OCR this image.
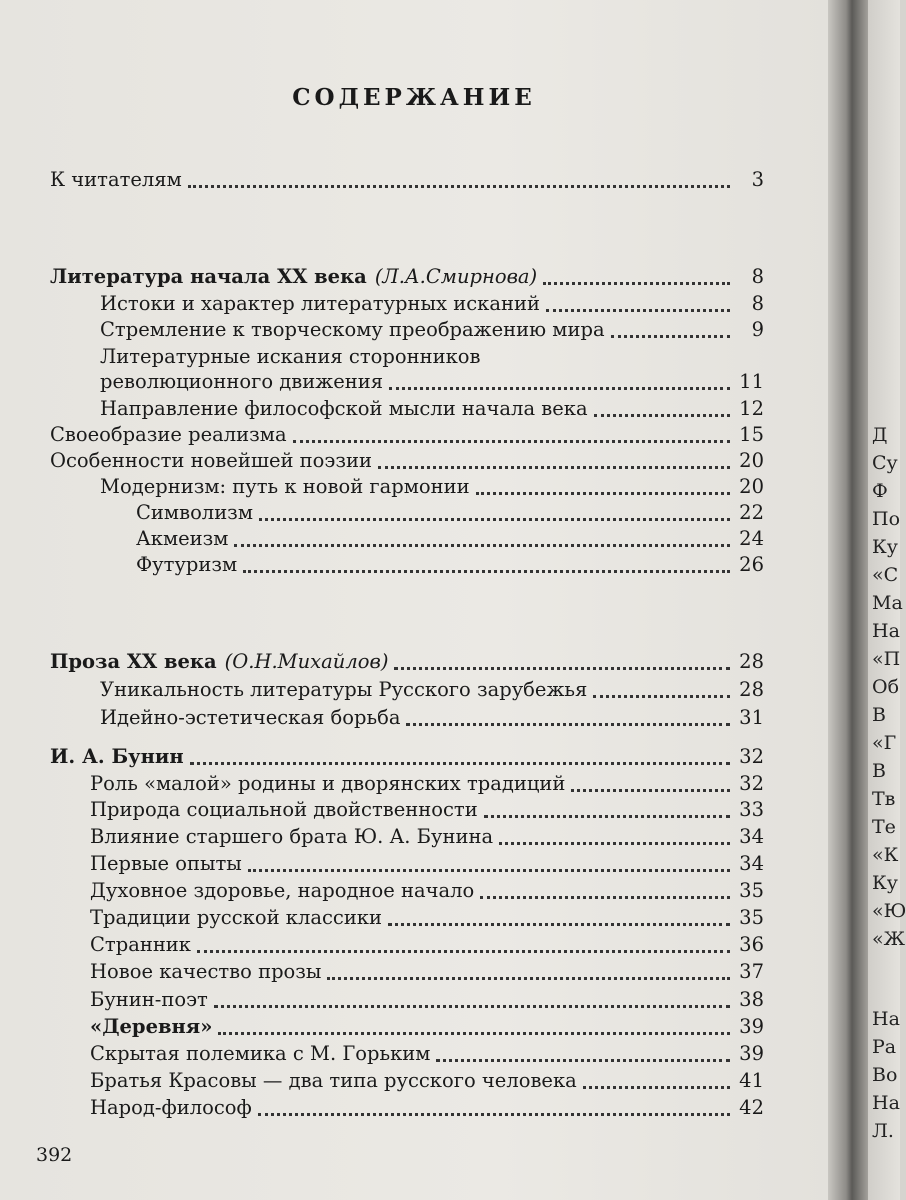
Д
Су
Ф
По
Ку
«С
Ма
На
«П
Об
В
«Г
В
Тв
Те
«К
Ку
«Ю
«Ж
На
Ра
Во
На
Л.
СОДЕРЖАНИЕ
К читателям	3
Литература начала XX века (Л.А.Смирнова)	8
Истоки и характер литературных исканий	8
Стремление к творческому преображению мира	9
Литературные искания сторонников
революционного движения	11
Направление философской мысли начала века	12
Своеобразие реализма	15
Особенности новейшей поэзии	20
Модернизм: путь к новой гармонии	20
Символизм	22
Акмеизм	24
Футуризм	26
Проза XX века (О.Н.Михайлов)	28
Уникальность литературы Русского зарубежья	28
Идейно-эстетическая борьба	31
И. А. Бунин	32
Роль «малой» родины и дворянских традиций	32
Природа социальной двойственности	33
Влияние старшего брата Ю. А. Бунина	34
Первые опыты	34
Духовное здоровье, народное начало	35
Традиции русской классики	35
Странник	36
Новое качество прозы	37
Бунин-поэт	38
«Деревня»	39
Скрытая полемика с М. Горьким	39
Братья Красовы — два типа русского человека	41
Народ-философ	42
392
